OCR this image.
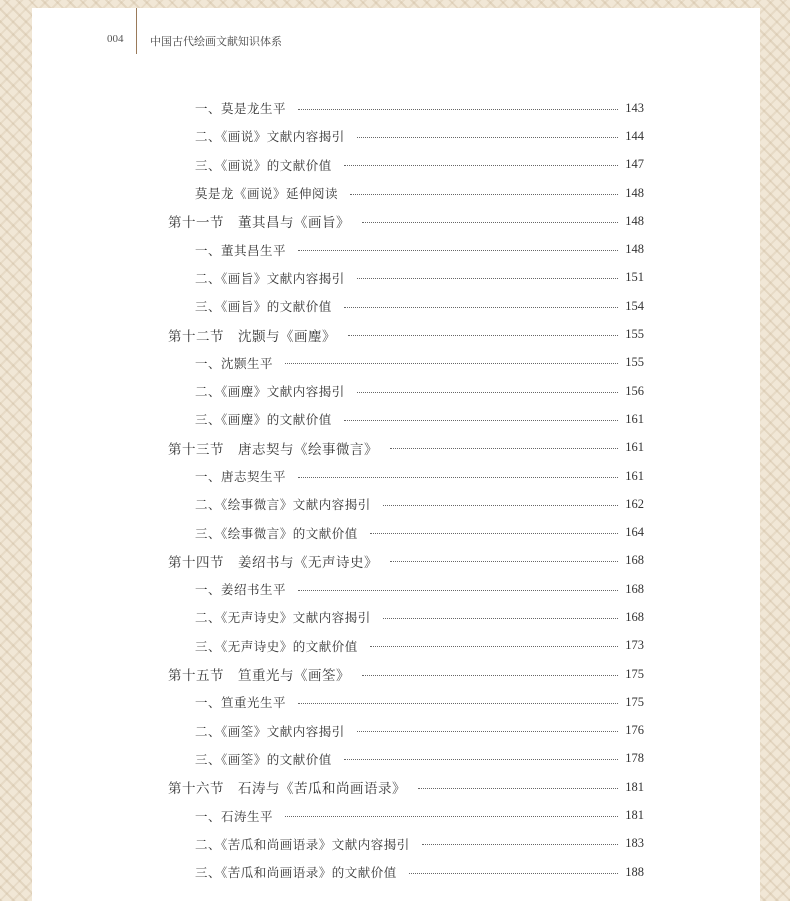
004 中国古代绘画文献知识体系
一、莫是龙生平	143
二、《画说》文献内容揭引	144
三、《画说》的文献价值	147
莫是龙《画说》延伸阅读	148
第十一节　董其昌与《画旨》	148
一、董其昌生平	148
二、《画旨》文献内容揭引	151
三、《画旨》的文献价值	154
第十二节　沈颢与《画麈》	155
一、沈颢生平	155
二、《画麈》文献内容揭引	156
三、《画麈》的文献价值	161
第十三节　唐志契与《绘事微言》	161
一、唐志契生平	161
二、《绘事微言》文献内容揭引	162
三、《绘事微言》的文献价值	164
第十四节　姜绍书与《无声诗史》	168
一、姜绍书生平	168
二、《无声诗史》文献内容揭引	168
三、《无声诗史》的文献价值	173
第十五节　笪重光与《画筌》	175
一、笪重光生平	175
二、《画筌》文献内容揭引	176
三、《画筌》的文献价值	178
第十六节　石涛与《苦瓜和尚画语录》	181
一、石涛生平	181
二、《苦瓜和尚画语录》文献内容揭引	183
三、《苦瓜和尚画语录》的文献价值	188
